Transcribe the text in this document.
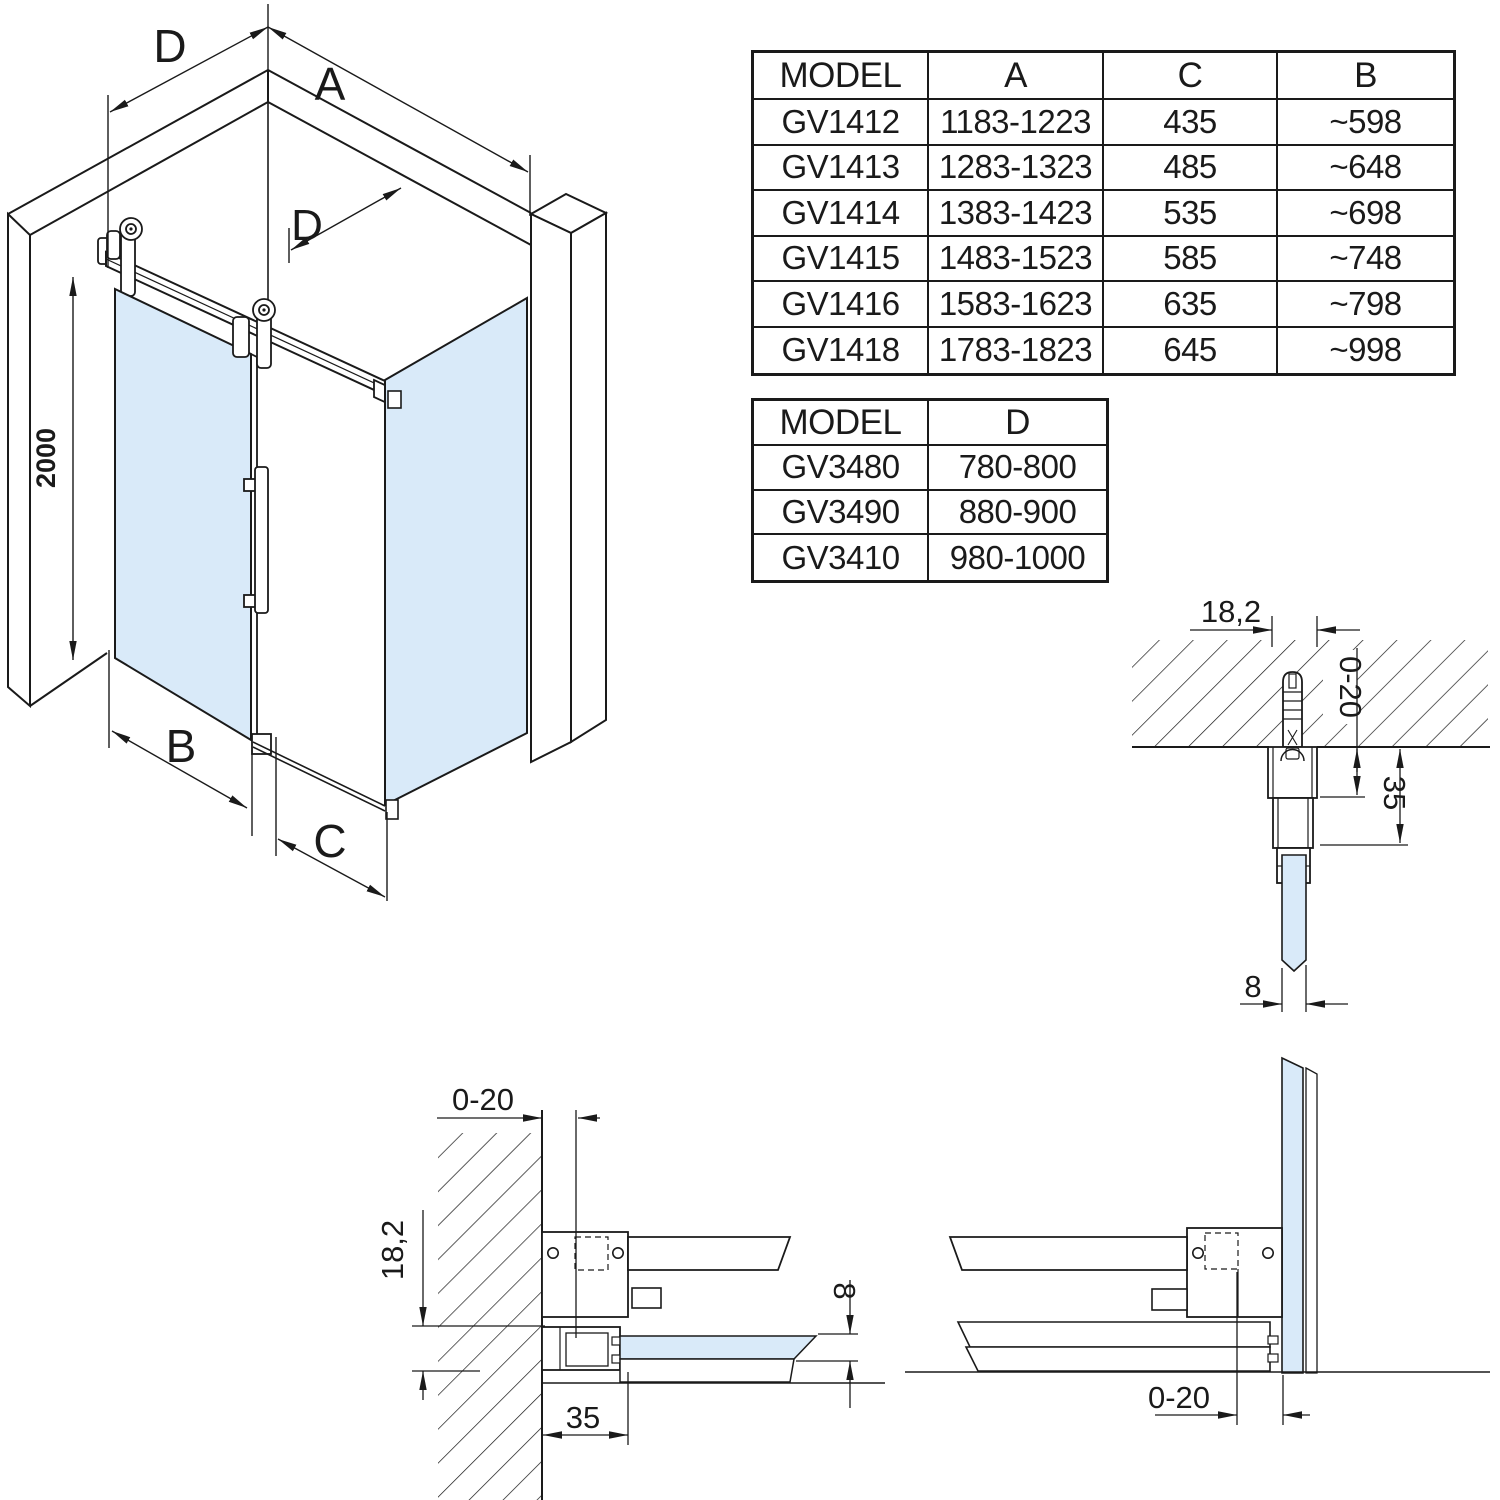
D
A
D
B
C
2000
18,2
0-20
35
8
0-20
18,2
35
8
0-20
MODEL	A	C	B
GV1412	1183-1223	435	~598
GV1413	1283-1323	485	~648
GV1414	1383-1423	535	~698
GV1415	1483-1523	585	~748
GV1416	1583-1623	635	~798
GV1418	1783-1823	645	~998
MODEL	D
GV3480	780-800
GV3490	880-900
GV3410	980-1000
